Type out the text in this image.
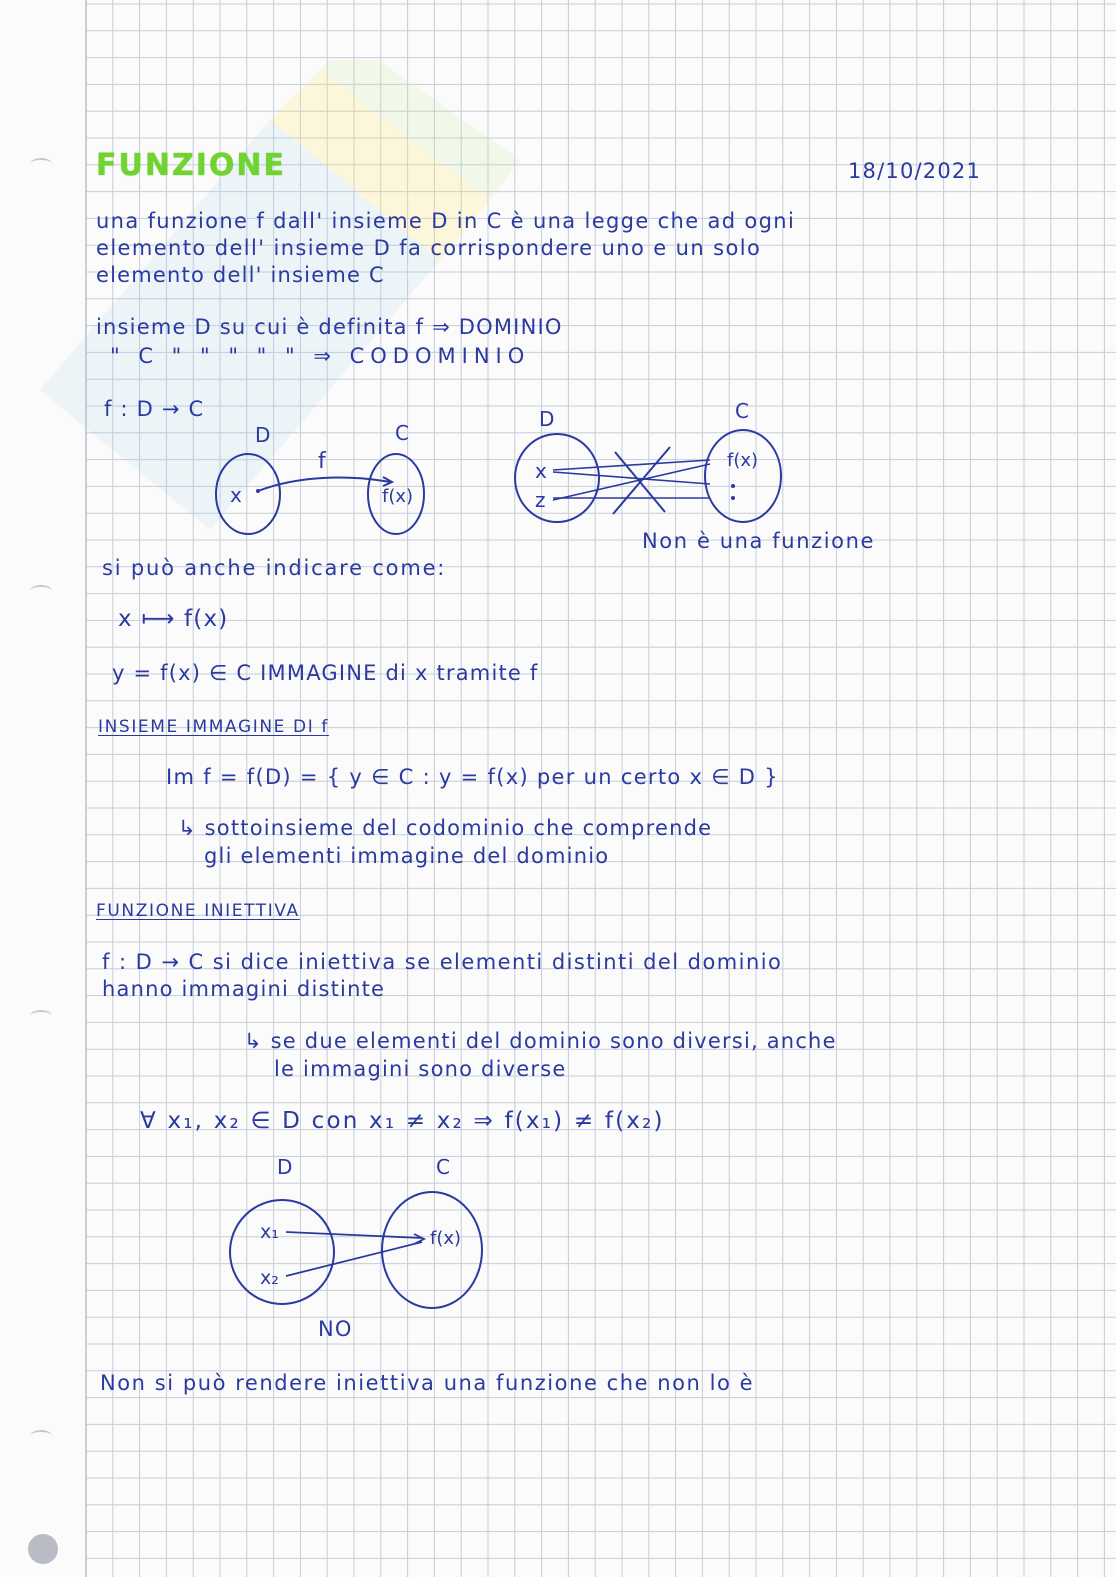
FUNZIONE	18/10/2021

una funzione f dall' insieme D in C è una legge che ad ogni

elemento dell' insieme D fa corrispondere uno e un solo

elemento dell' insieme C

insieme D su cui è definita f ⇒ DOMINIO

" C " " " " " ⇒ CODOMINIO

f : D → C

D	C
x
f
f(x)
D	C
x
z
f(x)

Non è una funzione

si può anche indicare come:

x ⟼ f(x)

y = f(x) ∈ C IMMAGINE di x tramite f

INSIEME IMMAGINE DI f

Im f = f(D) = { y ∈ C : y = f(x) per un certo x ∈ D }

↳ sottoinsieme del codominio che comprende

gli elementi immagine del dominio

FUNZIONE INIETTIVA

f : D → C si dice iniettiva se elementi distinti del dominio

hanno immagini distinte

↳ se due elementi del dominio sono diversi, anche

le immagini sono diverse

∀ x₁, x₂ ∈ D con x₁ ≠ x₂ ⇒ f(x₁) ≠ f(x₂)

D	C
x₁
x₂
f(x)

NO

Non si può rendere iniettiva una funzione che non lo è
